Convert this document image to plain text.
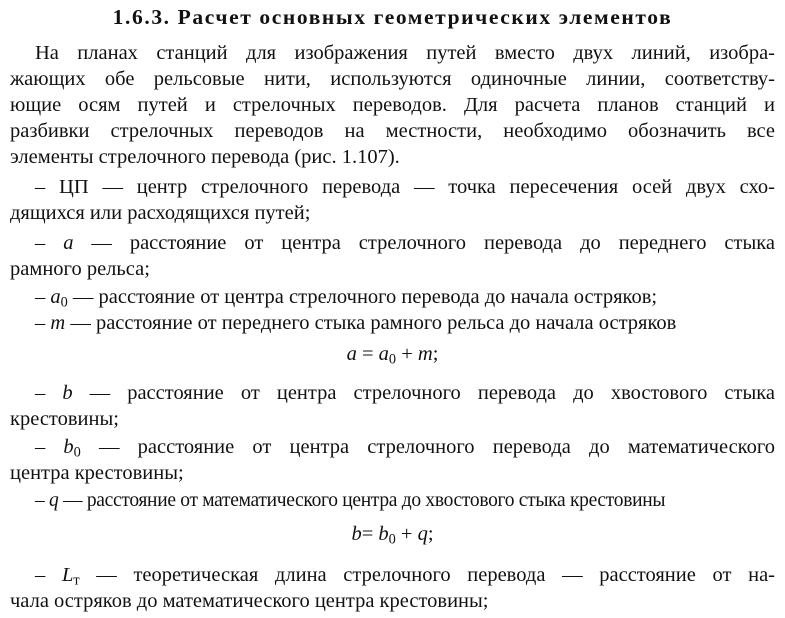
1.6.3. Расчет основных геометрических элементов
На планах станций для изображения путей вместо двух линий, изобра-
жающих обе рельсовые нити, используются одиночные линии, соответству-
ющие осям путей и стрелочных переводов. Для расчета планов станций и
разбивки стрелочных переводов на местности, необходимо обозначить все
элементы стрелочного перевода (рис. 1.107).
– ЦП — центр стрелочного перевода — точка пересечения осей двух схо-
дящихся или расходящихся путей;
– a — расстояние от центра стрелочного перевода до переднего стыка
рамного рельса;
– $a_0$ — расстояние от центра стрелочного перевода до начала остряков;
– m — расстояние от переднего стыка рамного рельса до начала остряков
$a = a_0 + m$;
– b — расстояние от центра стрелочного перевода до хвостового стыка
крестовины;
– $b_0$ — расстояние от центра стрелочного перевода до математического
центра крестовины;
– q — расстояние от математического центра до хвостового стыка крестовины
$b= b_0 + q$;
– $L_т$ — теоретическая длина стрелочного перевода — расстояние от на-
чала остряков до математического центра крестовины;
